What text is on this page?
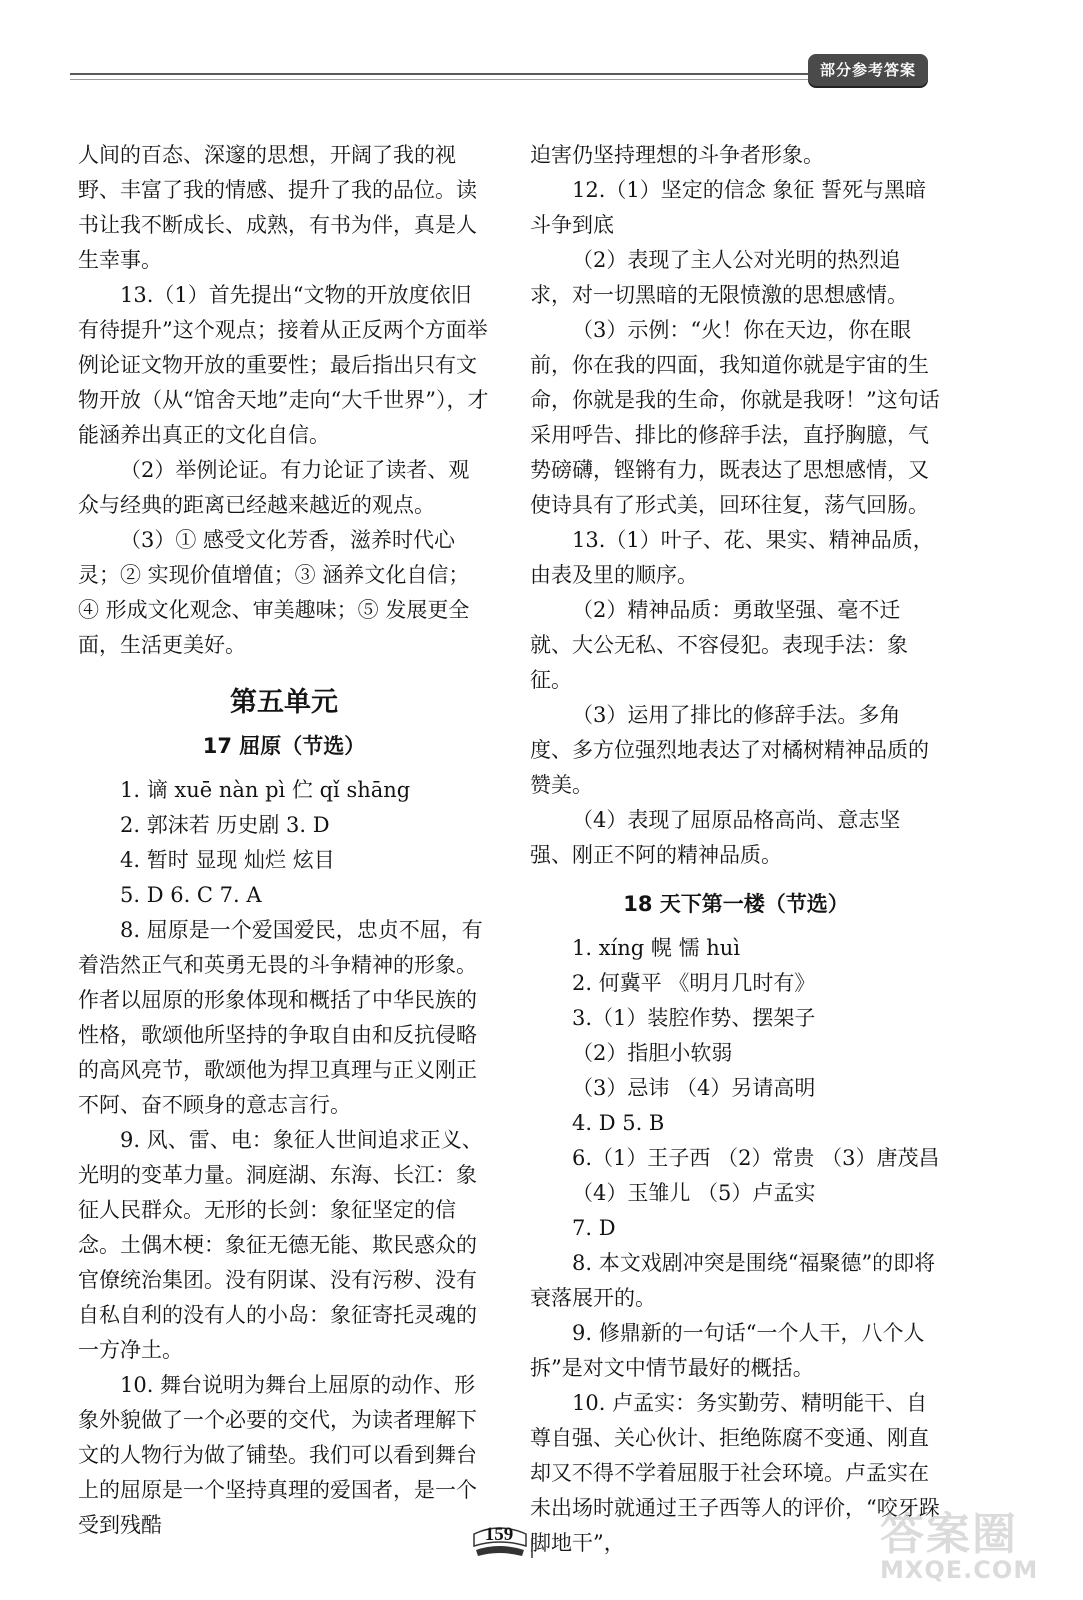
部分参考答案

人间的百态、深邃的思想，开阔了我的视野、丰富了我的情感、提升了我的品位。读书让我不断成长、成熟，有书为伴，真是人生幸事。

13.（1）首先提出“文物的开放度依旧有待提升”这个观点；接着从正反两个方面举例论证文物开放的重要性；最后指出只有文物开放（从“馆舍天地”走向“大千世界”），才能涵养出真正的文化自信。

（2）举例论证。有力论证了读者、观众与经典的距离已经越来越近的观点。

（3）① 感受文化芳香，滋养时代心灵；② 实现价值增值；③ 涵养文化自信；④ 形成文化观念、审美趣味；⑤ 发展更全面，生活更美好。

第五单元
17 屈原（节选）

1. 谪 xuē nàn pì 伫 qǐ shāng

2. 郭沫若 历史剧 3. D

4. 暂时 显现 灿烂 炫目

5. D 6. C 7. A

8. 屈原是一个爱国爱民，忠贞不屈，有着浩然正气和英勇无畏的斗争精神的形象。作者以屈原的形象体现和概括了中华民族的性格，歌颂他所坚持的争取自由和反抗侵略的高风亮节，歌颂他为捍卫真理与正义刚正不阿、奋不顾身的意志言行。

9. 风、雷、电：象征人世间追求正义、光明的变革力量。洞庭湖、东海、长江：象征人民群众。无形的长剑：象征坚定的信念。土偶木梗：象征无德无能、欺民惑众的官僚统治集团。没有阴谋、没有污秽、没有自私自利的没有人的小岛：象征寄托灵魂的一方净土。

10. 舞台说明为舞台上屈原的动作、形象外貌做了一个必要的交代，为读者理解下文的人物行为做了铺垫。我们可以看到舞台上的屈原是一个坚持真理的爱国者，是一个受到残酷

迫害仍坚持理想的斗争者形象。

12.（1）坚定的信念 象征 誓死与黑暗斗争到底

（2）表现了主人公对光明的热烈追求，对一切黑暗的无限愤激的思想感情。

（3）示例：“火！你在天边，你在眼前，你在我的四面，我知道你就是宇宙的生命，你就是我的生命，你就是我呀！”这句话采用呼告、排比的修辞手法，直抒胸臆，气势磅礴，铿锵有力，既表达了思想感情，又使诗具有了形式美，回环往复，荡气回肠。

13.（1）叶子、花、果实、精神品质，由表及里的顺序。

（2）精神品质：勇敢坚强、毫不迁就、大公无私、不容侵犯。表现手法：象征。

（3）运用了排比的修辞手法。多角度、多方位强烈地表达了对橘树精神品质的赞美。

（4）表现了屈原品格高尚、意志坚强、刚正不阿的精神品质。

18 天下第一楼（节选）

1. xíng 幌 懦 huì

2. 何冀平 《明月几时有》

3.（1）装腔作势、摆架子

（2）指胆小软弱

（3）忌讳 （4）另请高明

4. D 5. B

6.（1）王子西 （2）常贵 （3）唐茂昌

（4）玉雏儿 （5）卢孟实

7. D

8. 本文戏剧冲突是围绕“福聚德”的即将衰落展开的。

9. 修鼎新的一句话“一个人干，八个人拆”是对文中情节最好的概括。

10. 卢孟实：务实勤劳、精明能干、自尊自强、关心伙计、拒绝陈腐不变通、刚直却又不得不学着屈服于社会环境。卢孟实在未出场时就通过王子西等人的评价，“咬牙跺脚地干”，

159	答案圈
MXQE.COM
